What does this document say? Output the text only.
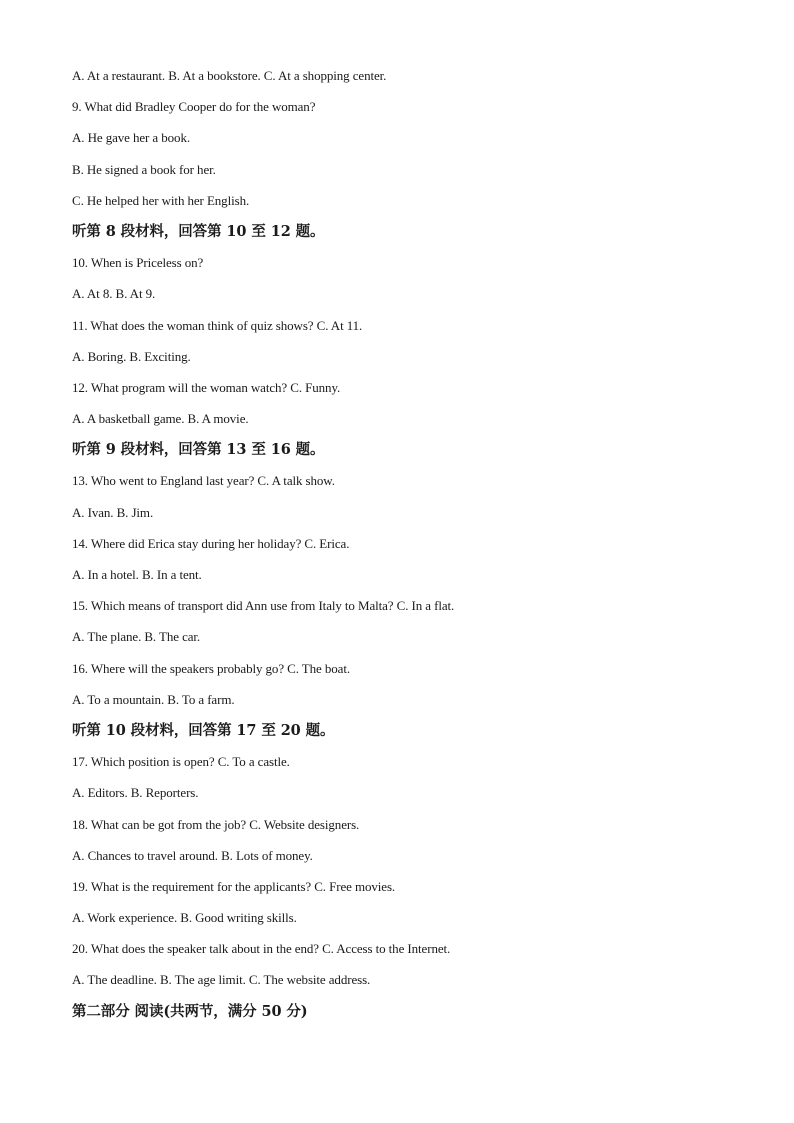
A. At a restaurant. B. At a bookstore. C. At a shopping center.
9. What did Bradley Cooper do for the woman?
A. He gave her a book.
B. He signed a book for her.
C. He helped her with her English.
听第 8 段材料，回答第 10 至 12 题。
10. When is Priceless on?
A. At 8. B. At 9.
11. What does the woman think of quiz shows? C. At 11.
A. Boring. B. Exciting.
12. What program will the woman watch? C. Funny.
A. A basketball game. B. A movie.
听第 9 段材料，回答第 13 至 16 题。
13. Who went to England last year? C. A talk show.
A. Ivan. B. Jim.
14. Where did Erica stay during her holiday? C. Erica.
A. In a hotel. B. In a tent.
15. Which means of transport did Ann use from Italy to Malta? C. In a flat.
A. The plane. B. The car.
16. Where will the speakers probably go? C. The boat.
A. To a mountain. B. To a farm.
听第 10 段材料，回答第 17 至 20 题。
17. Which position is open? C. To a castle.
A. Editors. B. Reporters.
18. What can be got from the job? C. Website designers.
A. Chances to travel around. B. Lots of money.
19. What is the requirement for the applicants? C. Free movies.
A. Work experience. B. Good writing skills.
20. What does the speaker talk about in the end? C. Access to the Internet.
A. The deadline. B. The age limit. C. The website address.
第二部分 阅读(共两节，满分 50 分)
